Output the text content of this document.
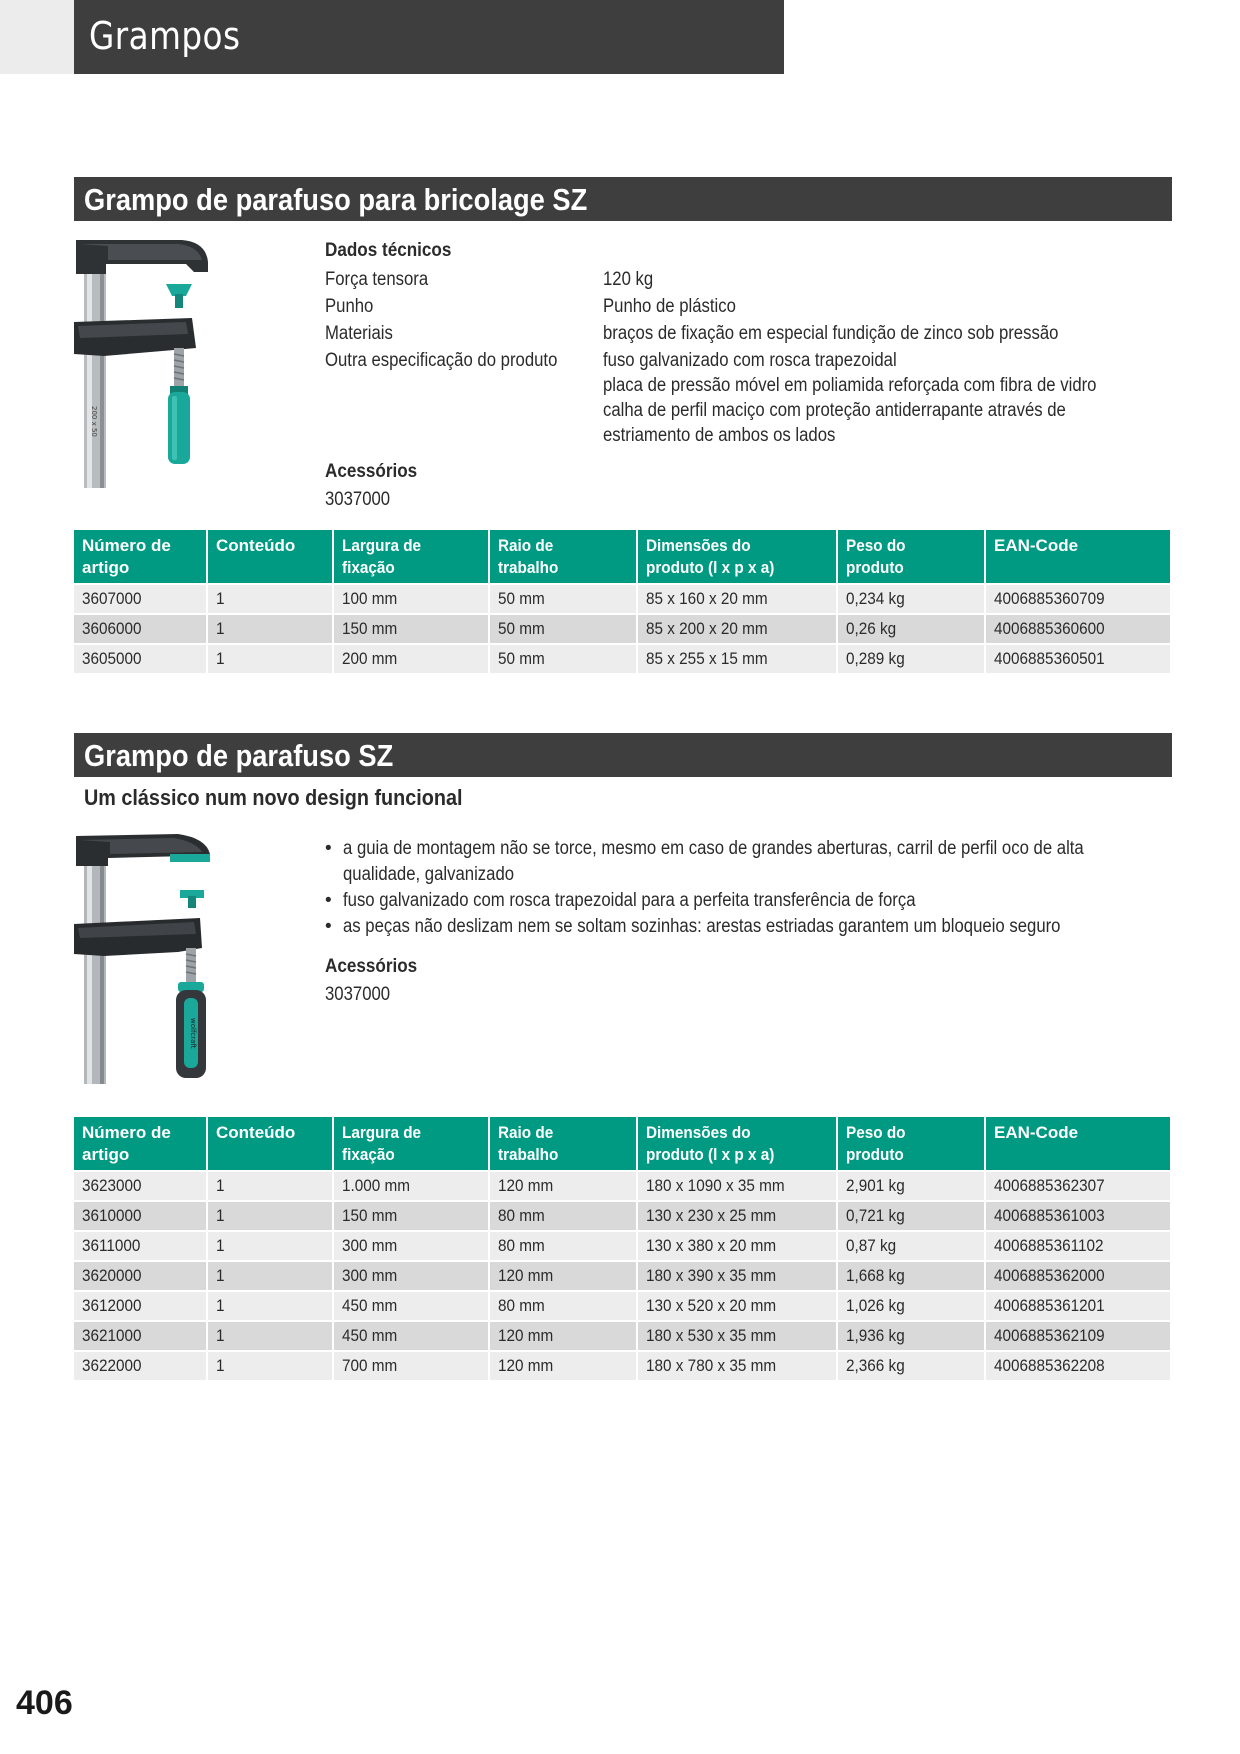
Grampos
Grampo de parafuso para bricolage SZ
200 x 50
Dados técnicos
Força tensora	120 kg
Punho	Punho de plástico
Materiais	braços de fixação em especial fundição de zinco sob pressão
Outra especificação do produto	fuso galvanizado com rosca trapezoidal
placa de pressão móvel em poliamida reforçada com fibra de vidro
calha de perfil maciço com proteção antiderrapante através de
estriamento de ambos os lados
Acessórios
3037000
Número de artigo	Conteúdo	Largura de fixação	Raio de trabalho	Dimensões do produto (l x p x a)	Peso do produto	EAN-Code
3607000	1	100 mm	50 mm	85 x 160 x 20 mm	0,234 kg	4006885360709
3606000	1	150 mm	50 mm	85 x 200 x 20 mm	0,26 kg	4006885360600
3605000	1	200 mm	50 mm	85 x 255 x 15 mm	0,289 kg	4006885360501
Grampo de parafuso SZ
Um clássico num novo design funcional
wolfcraft
• a guia de montagem não se torce, mesmo em caso de grandes aberturas, carril de perfil oco de alta qualidade, galvanizado
• fuso galvanizado com rosca trapezoidal para a perfeita transferência de força
• as peças não deslizam nem se soltam sozinhas: arestas estriadas garantem um bloqueio seguro
Acessórios
3037000
Número de artigo	Conteúdo	Largura de fixação	Raio de trabalho	Dimensões do produto (l x p x a)	Peso do produto	EAN-Code
3623000	1	1.000 mm	120 mm	180 x 1090 x 35 mm	2,901 kg	4006885362307
3610000	1	150 mm	80 mm	130 x 230 x 25 mm	0,721 kg	4006885361003
3611000	1	300 mm	80 mm	130 x 380 x 20 mm	0,87 kg	4006885361102
3620000	1	300 mm	120 mm	180 x 390 x 35 mm	1,668 kg	4006885362000
3612000	1	450 mm	80 mm	130 x 520 x 20 mm	1,026 kg	4006885361201
3621000	1	450 mm	120 mm	180 x 530 x 35 mm	1,936 kg	4006885362109
3622000	1	700 mm	120 mm	180 x 780 x 35 mm	2,366 kg	4006885362208
406
